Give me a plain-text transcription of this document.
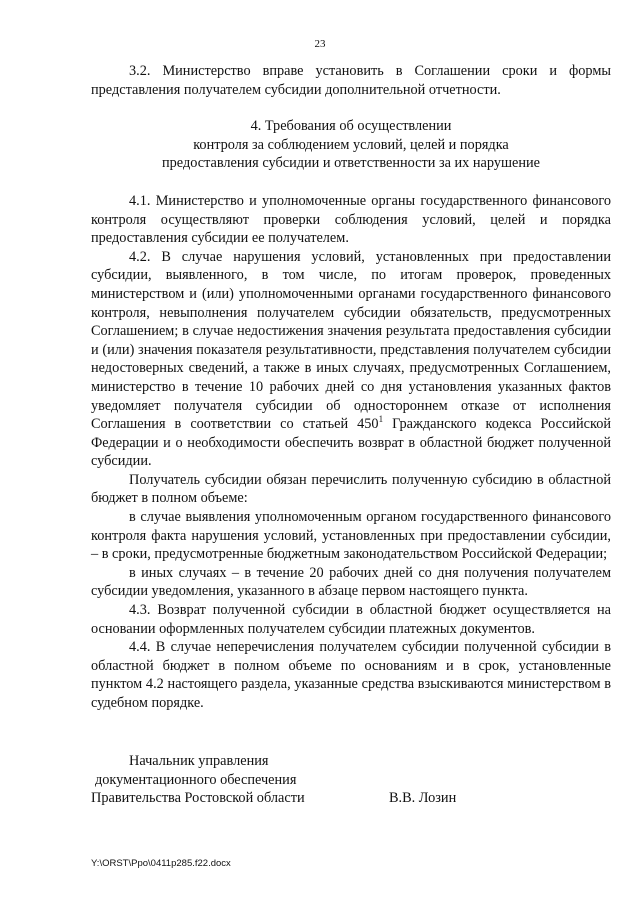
23

3.2. Министерство вправе установить в Соглашении сроки и формы представления получателем субсидии дополнительной отчетности.

4. Требования об осуществлении
контроля за соблюдением условий, целей и порядка
предоставления субсидии и ответственности за их нарушение

4.1. Министерство и уполномоченные органы государственного финансового контроля осуществляют проверки соблюдения условий, целей и порядка предоставления субсидии ее получателем.

4.2. В случае нарушения условий, установленных при предоставлении субсидии, выявленного, в том числе, по итогам проверок, проведенных министерством и (или) уполномоченными органами государственного финансового контроля, невыполнения получателем субсидии обязательств, предусмотренных Соглашением; в случае недостижения значения результата предоставления субсидии и (или) значения показателя результативности, представления получателем субсидии недостоверных сведений, а также в иных случаях, предусмотренных Соглашением, министерство в течение 10 рабочих дней со дня установления указанных фактов уведомляет получателя субсидии об одностороннем отказе от исполнения Соглашения в соответствии со статьей $450^1$ Гражданского кодекса Российской Федерации и о необходимости обеспечить возврат в областной бюджет полученной субсидии.

Получатель субсидии обязан перечислить полученную субсидию в областной бюджет в полном объеме:

в случае выявления уполномоченным органом государственного финансового контроля факта нарушения условий, установленных при предоставлении субсидии, – в сроки, предусмотренные бюджетным законодательством Российской Федерации;

в иных случаях – в течение 20 рабочих дней со дня получения получателем субсидии уведомления, указанного в абзаце первом настоящего пункта.

4.3. Возврат полученной субсидии в областной бюджет осуществляется на основании оформленных получателем субсидии платежных документов.

4.4. В случае неперечисления получателем субсидии полученной субсидии в областной бюджет в полном объеме по основаниям и в срок, установленные пунктом 4.2 настоящего раздела, указанные средства взыскиваются министерством в судебном порядке.

Начальник управления
документационного обеспечения
Правительства Ростовской области	В.В. Лозин
Y:\ORST\Ppo\0411p285.f22.docx
